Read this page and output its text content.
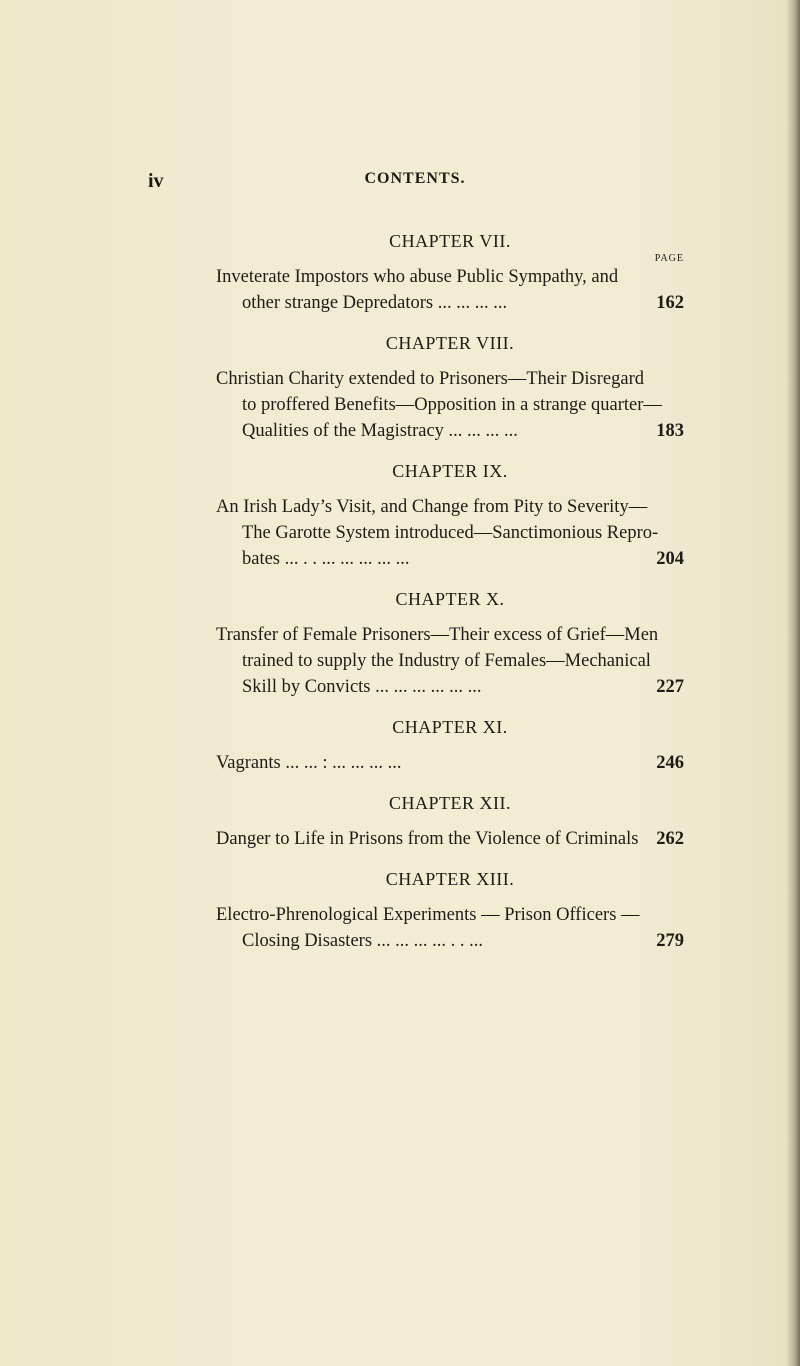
iv	CONTENTS.
PAGE
CHAPTER VII.
Inveterate Impostors who abuse Public Sympathy, and
other strange Depredators ... ... ... ...	162
CHAPTER VIII.
Christian Charity extended to Prisoners—Their Disregard
to proffered Benefits—Opposition in a strange quarter—
Qualities of the Magistracy ... ... ... ...	183
CHAPTER IX.
An Irish Lady’s Visit, and Change from Pity to Severity—
The Garotte System introduced—Sanctimonious Repro-
bates ... . . ... ... ... ... ...	204
CHAPTER X.
Transfer of Female Prisoners—Their excess of Grief—Men
trained to supply the Industry of Females—Mechanical
Skill by Convicts ... ... ... ... ... ...	227
CHAPTER XI.
Vagrants ... ... : ... ... ... ...	246
CHAPTER XII.
Danger to Life in Prisons from the Violence of Criminals 262
CHAPTER XIII.
Electro-Phrenological Experiments — Prison Officers —
Closing Disasters ... ... ... ... . . ...	279
